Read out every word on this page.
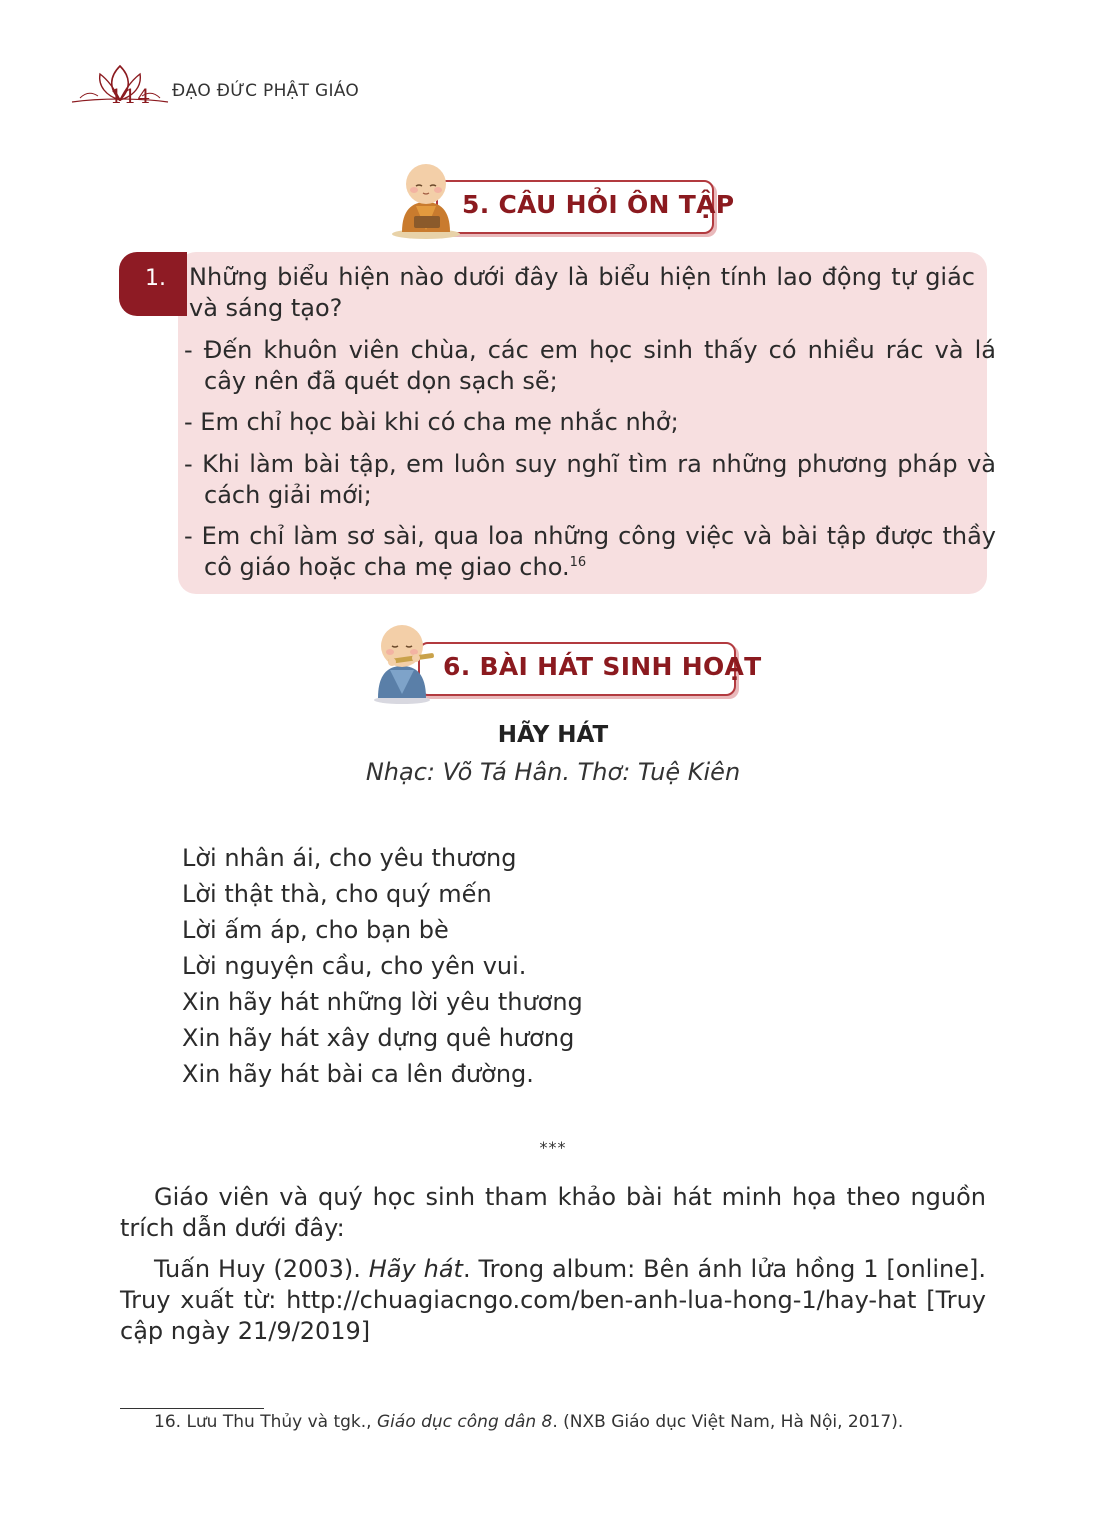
114 ĐẠO ĐỨC PHẬT GIÁO
5. CÂU HỎI ÔN TẬP
1. Những biểu hiện nào dưới đây là biểu hiện tính lao động tự giác và sáng tạo?
- Đến khuôn viên chùa, các em học sinh thấy có nhiều rác và lá cây nên đã quét dọn sạch sẽ;
- Em chỉ học bài khi có cha mẹ nhắc nhở;
- Khi làm bài tập, em luôn suy nghĩ tìm ra những phương pháp và cách giải mới;
- Em chỉ làm sơ sài, qua loa những công việc và bài tập được thầy cô giáo hoặc cha mẹ giao cho.$^{16}$
6. BÀI HÁT SINH HOẠT
HÃY HÁT
Nhạc: Võ Tá Hân. Thơ: Tuệ Kiên
Lời nhân ái, cho yêu thương
Lời thật thà, cho quý mến
Lời ấm áp, cho bạn bè
Lời nguyện cầu, cho yên vui.
Xin hãy hát những lời yêu thương
Xin hãy hát xây dựng quê hương
Xin hãy hát bài ca lên đường.
***
Giáo viên và quý học sinh tham khảo bài hát minh họa theo nguồn trích dẫn dưới đây:
Tuấn Huy (2003). Hãy hát. Trong album: Bên ánh lửa hồng 1 [online]. Truy xuất từ: http://chuagiacngo.com/ben-anh-lua-hong-1/hay-hat [Truy cập ngày 21/9/2019]
16. Lưu Thu Thủy và tgk., Giáo dục công dân 8. (NXB Giáo dục Việt Nam, Hà Nội, 2017).
